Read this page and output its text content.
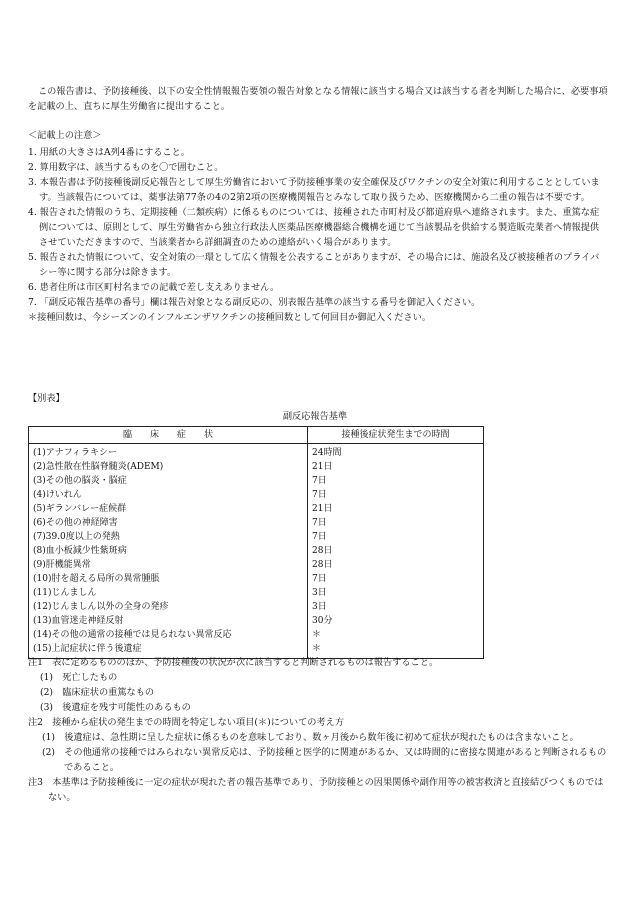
この報告書は、予防接種後、以下の安全性情報報告要領の報告対象となる情報に該当する場合又は該当する者を判断した場合に、必要事項を記載の上、直ちに厚生労働省に提出すること。
＜記載上の注意＞
1. 用紙の大きさはA列4番にすること。
2. 算用数字は、該当するものを〇で囲むこと。
3. 本報告書は予防接種後副反応報告として厚生労働省において予防接種事業の安全確保及びワクチンの安全対策に利用することとしています。当該報告については、薬事法第77条の4の2第2項の医療機関報告とみなして取り扱うため、医療機関から二重の報告は不要です。
4. 報告された情報のうち、定期接種（二類疾病）に係るものについては、接種された市町村及び都道府県へ連絡されます。また、重篤な症例については、原則として、厚生労働省から独立行政法人医薬品医療機器総合機構を通じて当該製品を供給する製造販売業者へ情報提供させていただきますので、当該業者から詳細調査のための連絡がいく場合があります。
5. 報告された情報について、安全対策の一環として広く情報を公表することがありますが、その場合には、施設名及び被接種者のプライバシー等に関する部分は除きます。
6. 患者住所は市区町村名までの記載で差し支えありません。
7. 「副反応報告基準の番号」欄は報告対象となる副反応の、別表報告基準の該当する番号を御記入ください。
＊接種回数は、今シーズンのインフルエンザワクチンの接種回数として何回目か御記入ください。
【別表】
副反応報告基準
臨　　床　　症　　状	接種後症状発生までの時間
(1)アナフィラキシー	24時間
(2)急性散在性脳脊髄炎(ADEM)	21日
(3)その他の脳炎・脳症	7日
(4)けいれん	7日
(5)ギランバレー症候群	21日
(6)その他の神経障害	7日
(7)39.0度以上の発熱	7日
(8)血小板減少性紫斑病	28日
(9)肝機能異常	28日
(10)肘を超える局所の異常腫脹	7日
(11)じんましん	3日
(12)じんましん以外の全身の発疹	3日
(13)血管迷走神経反射	30分
(14)その他の通常の接種では見られない異常反応	＊
(15)上記症状に伴う後遺症	＊
注1　表に定めるもののほか、予防接種後の状況が次に該当すると判断されるものは報告すること。
(1)　死亡したもの
(2)　臨床症状の重篤なもの
(3)　後遺症を残す可能性のあるもの
注2　接種から症状の発生までの時間を特定しない項目(＊)についての考え方
(1)　後遺症は、急性期に呈した症状に係るものを意味しており、数ヶ月後から数年後に初めて症状が現れたものは含まないこと。
(2)　その他通常の接種ではみられない異常反応は、予防接種と医学的に関連があるか、又は時間的に密接な関連があると判断されるものであること。
注3　本基準は予防接種後に一定の症状が現れた者の報告基準であり、予防接種との因果関係や副作用等の被害救済と直接結びつくものではない。
